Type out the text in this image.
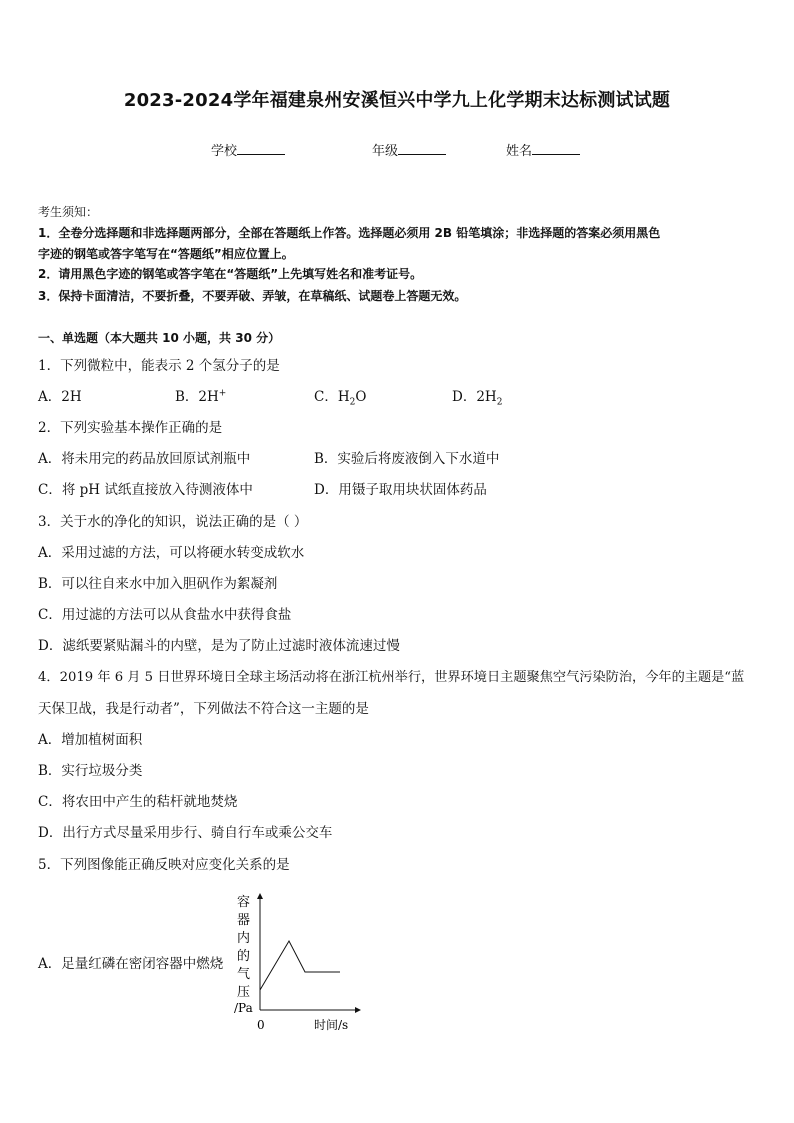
2023-2024学年福建泉州安溪恒兴中学九上化学期末达标测试试题
学校	年级	姓名
考生须知：
1．全卷分选择题和非选择题两部分，全部在答题纸上作答。选择题必须用 2B 铅笔填涂；非选择题的答案必须用黑色
字迹的钢笔或答字笔写在“答题纸”相应位置上。
2．请用黑色字迹的钢笔或答字笔在“答题纸”上先填写姓名和准考证号。
3．保持卡面清洁，不要折叠，不要弄破、弄皱，在草稿纸、试题卷上答题无效。
一、单选题（本大题共 10 小题，共 30 分）
1．下列微粒中，能表示 2 个氢分子的是
A．2H	B．2H+	C．$H_2O$	D．$2H_2$
2．下列实验基本操作正确的是
A．将未用完的药品放回原试剂瓶中	B．实验后将废液倒入下水道中
C．将 pH 试纸直接放入待测液体中	D．用镊子取用块状固体药品
3．关于水的净化的知识，说法正确的是（ ）
A．采用过滤的方法，可以将硬水转变成软水
B．可以往自来水中加入胆矾作为絮凝剂
C．用过滤的方法可以从食盐水中获得食盐
D．滤纸要紧贴漏斗的内壁，是为了防止过滤时液体流速过慢
4．2019 年 6 月 5 日世界环境日全球主场活动将在浙江杭州举行，世界环境日主题聚焦空气污染防治，今年的主题是“蓝
天保卫战，我是行动者”，下列做法不符合这一主题的是
A．增加植树面积
B．实行垃圾分类
C．将农田中产生的秸杆就地焚烧
D．出行方式尽量采用步行、骑自行车或乘公交车
5．下列图像能正确反映对应变化关系的是
A．足量红磷在密闭容器中燃烧
容
器
内
的
气
压
/Pa
0	时间/s
